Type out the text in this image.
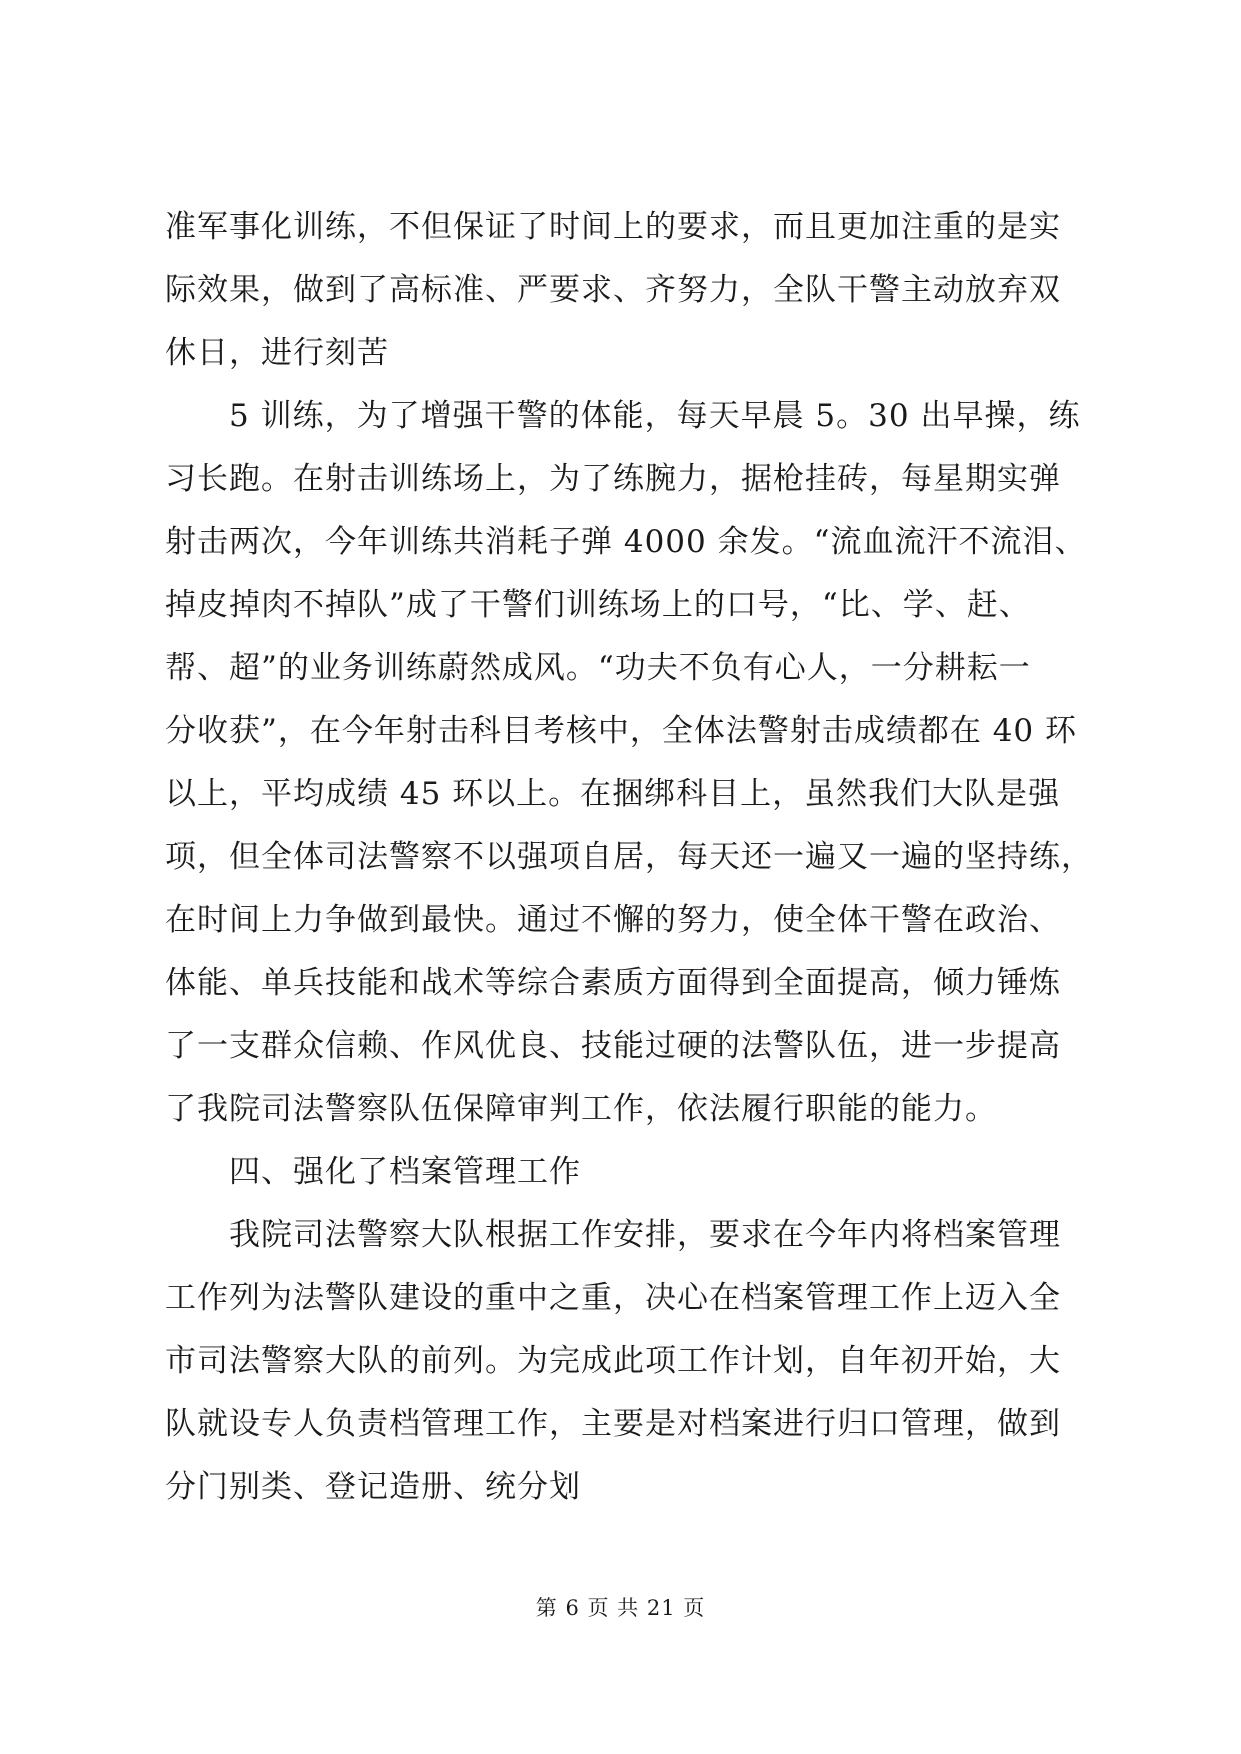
准军事化训练，不但保证了时间上的要求，而且更加注重的是实
际效果，做到了高标准、严要求、齐努力，全队干警主动放弃双
休日，进行刻苦
　　5 训练，为了增强干警的体能，每天早晨 5。30 出早操，练
习长跑。在射击训练场上，为了练腕力，据枪挂砖，每星期实弹
射击两次，今年训练共消耗子弹 4000 余发。“流血流汗不流泪、
掉皮掉肉不掉队”成了干警们训练场上的口号，“比、学、赶、
帮、超”的业务训练蔚然成风。“功夫不负有心人，一分耕耘一
分收获”，在今年射击科目考核中，全体法警射击成绩都在 40 环
以上，平均成绩 45 环以上。在捆绑科目上，虽然我们大队是强
项，但全体司法警察不以强项自居，每天还一遍又一遍的坚持练，
在时间上力争做到最快。通过不懈的努力，使全体干警在政治、
体能、单兵技能和战术等综合素质方面得到全面提高，倾力锤炼
了一支群众信赖、作风优良、技能过硬的法警队伍，进一步提高
了我院司法警察队伍保障审判工作，依法履行职能的能力。
　　四、强化了档案管理工作
　　我院司法警察大队根据工作安排，要求在今年内将档案管理
工作列为法警队建设的重中之重，决心在档案管理工作上迈入全
市司法警察大队的前列。为完成此项工作计划，自年初开始，大
队就设专人负责档管理工作，主要是对档案进行归口管理，做到
分门别类、登记造册、统分划
第 6 页 共 21 页
